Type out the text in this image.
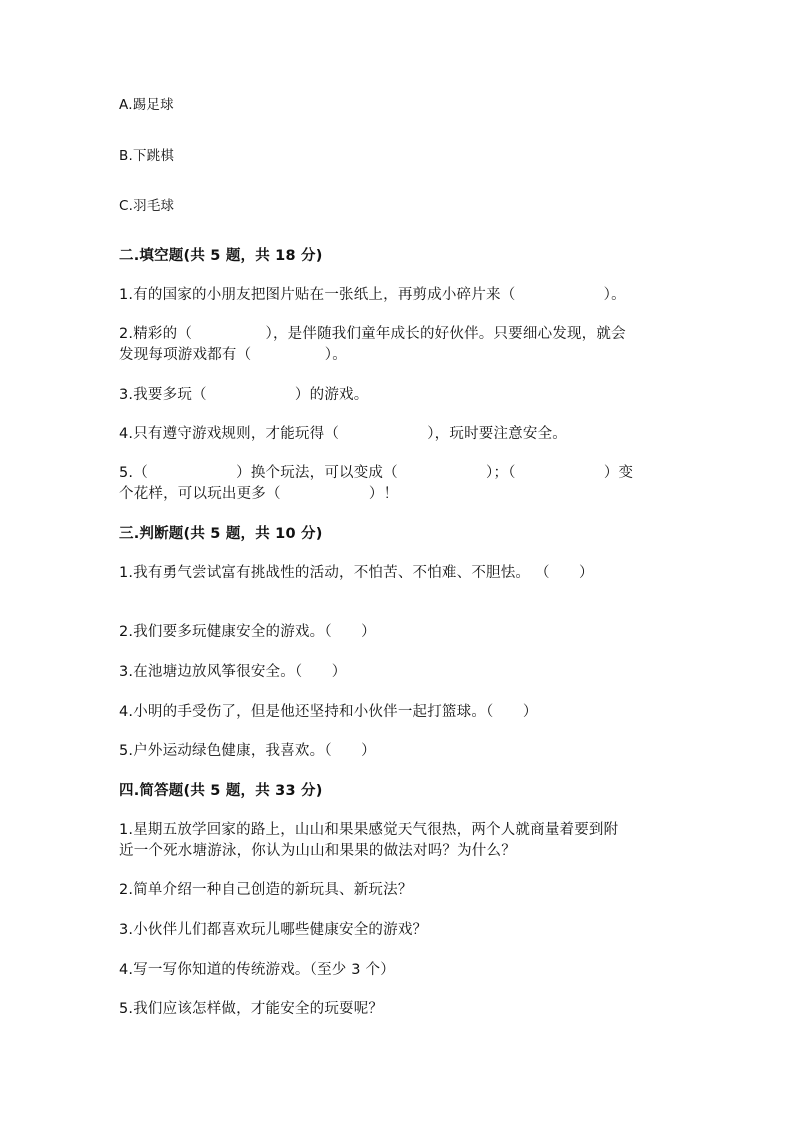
A.踢足球
B.下跳棋
C.羽毛球
二.填空题(共 5 题，共 18 分)
1.有的国家的小朋友把图片贴在一张纸上，再剪成小碎片来（　　　　　　）。
2.精彩的（　　　　　），是伴随我们童年成长的好伙伴。只要细心发现，就会
发现每项游戏都有（　　　　　）。
3.我要多玩（　　　　　　）的游戏。
4.只有遵守游戏规则，才能玩得（　　　　　　），玩时要注意安全。
5.（　　　　　　）换个玩法，可以变成（　　　　　　）；（　　　　　　）变
个花样，可以玩出更多（　　　　　　）！
三.判断题(共 5 题，共 10 分)
1.我有勇气尝试富有挑战性的活动，不怕苦、不怕难、不胆怯。 （　　）
2.我们要多玩健康安全的游戏。（　　）
3.在池塘边放风筝很安全。（　　）
4.小明的手受伤了，但是他还坚持和小伙伴一起打篮球。（　　）
5.户外运动绿色健康，我喜欢。（　　）
四.简答题(共 5 题，共 33 分)
1.星期五放学回家的路上，山山和果果感觉天气很热，两个人就商量着要到附
近一个死水塘游泳，你认为山山和果果的做法对吗？为什么？
2.简单介绍一种自己创造的新玩具、新玩法？
3.小伙伴儿们都喜欢玩儿哪些健康安全的游戏？
4.写一写你知道的传统游戏。（至少 3 个）
5.我们应该怎样做，才能安全的玩耍呢？
